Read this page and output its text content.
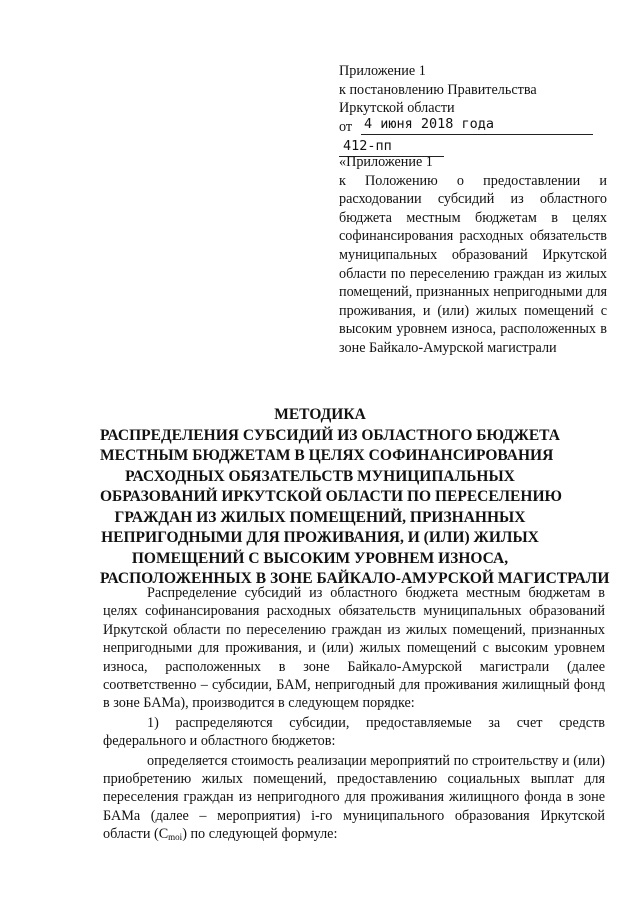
Приложение 1
к постановлению Правительства
Иркутской области
от 4 июня 2018 года
412-пп
«Приложение 1
к Положению о предоставлении и расходовании субсидий из областного бюджета местным бюджетам в целях софинансирования расходных обязательств муниципальных образований Иркутской области по переселению граждан из жилых помещений, признанных непригодными для проживания, и (или) жилых помещений с высоким уровнем износа, расположенных в зоне Байкало-Амурской магистрали
МЕТОДИКА
РАСПРЕДЕЛЕНИЯ СУБСИДИЙ ИЗ ОБЛАСТНОГО БЮДЖЕТА
МЕСТНЫМ БЮДЖЕТАМ В ЦЕЛЯХ СОФИНАНСИРОВАНИЯ
РАСХОДНЫХ ОБЯЗАТЕЛЬСТВ МУНИЦИПАЛЬНЫХ
ОБРАЗОВАНИЙ ИРКУТСКОЙ ОБЛАСТИ ПО ПЕРЕСЕЛЕНИЮ
ГРАЖДАН ИЗ ЖИЛЫХ ПОМЕЩЕНИЙ, ПРИЗНАННЫХ
НЕПРИГОДНЫМИ ДЛЯ ПРОЖИВАНИЯ, И (ИЛИ) ЖИЛЫХ
ПОМЕЩЕНИЙ С ВЫСОКИМ УРОВНЕМ ИЗНОСА,
РАСПОЛОЖЕННЫХ В ЗОНЕ БАЙКАЛО-АМУРСКОЙ МАГИСТРАЛИ

Распределение субсидий из областного бюджета местным бюджетам в целях софинансирования расходных обязательств муниципальных образований Иркутской области по переселению граждан из жилых помещений, признанных непригодными для проживания, и (или) жилых помещений с высоким уровнем износа, расположенных в зоне Байкало-Амурской магистрали (далее соответственно – субсидии, БАМ, непригодный для проживания жилищный фонд в зоне БАМа), производится в следующем порядке:

1) распределяются субсидии, предоставляемые за счет средств федерального и областного бюджетов:

определяется стоимость реализации мероприятий по строительству и (или) приобретению жилых помещений, предоставлению социальных выплат для переселения граждан из непригодного для проживания жилищного фонда в зоне БАМа (далее – мероприятия) i-го муниципального образования Иркутской области $(С_{moi})$ по следующей формуле:
